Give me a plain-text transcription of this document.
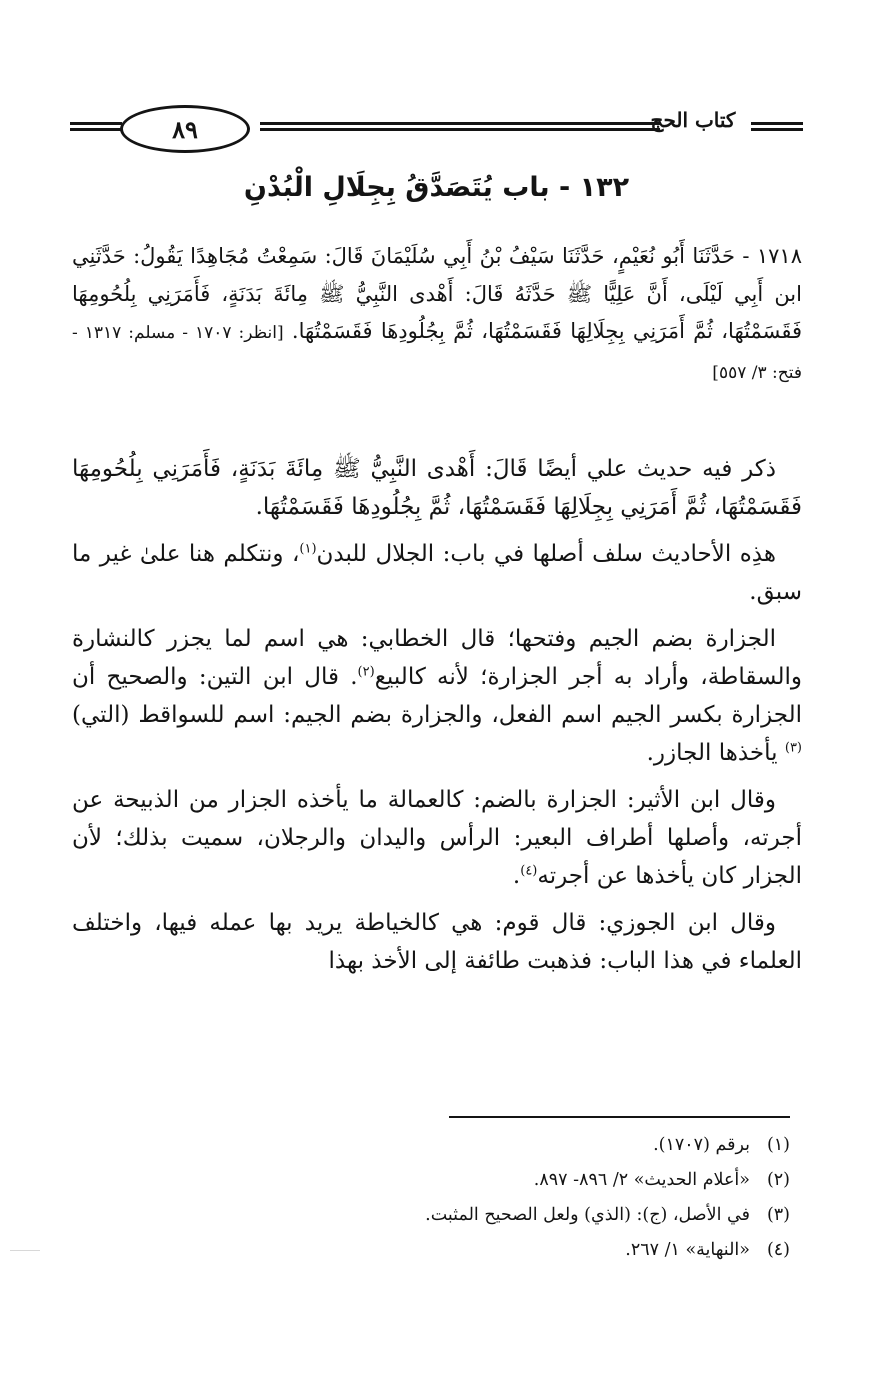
٨٩	كتاب الحج
١٣٢ - باب يُتَصَدَّقُ بِجِلَالِ الْبُدْنِ
١٧١٨ - حَدَّثَنَا أَبُو نُعَيْمٍ، حَدَّثَنَا سَيْفُ بْنُ أَبِي سُلَيْمَانَ قَالَ: سَمِعْتُ مُجَاهِدًا يَقُولُ: حَدَّثَنِي ابن أَبِي لَيْلَى، أَنَّ عَلِيًّا ﷺ حَدَّثَهُ قَالَ: أَهْدى النَّبِيُّ ﷺ مِائَةَ بَدَنَةٍ، فَأَمَرَنِي بِلُحُومِهَا فَقَسَمْتُهَا، ثُمَّ أَمَرَنِي بِجِلَالِهَا فَقَسَمْتُهَا، ثُمَّ بِجُلُودِهَا فَقَسَمْتُهَا. [انظر: ١٧٠٧ - مسلم: ١٣١٧ - فتح: ٣/ ٥٥٧]

ذكر فيه حديث علي أيضًا قَالَ: أَهْدى النَّبِيُّ ﷺ مِائَةَ بَدَنَةٍ، فَأَمَرَنِي بِلُحُومِهَا فَقَسَمْتُهَا، ثُمَّ أَمَرَنِي بِجِلَالِهَا فَقَسَمْتُهَا، ثُمَّ بِجُلُودِهَا فَقَسَمْتُهَا.

هذِه الأحاديث سلف أصلها في باب: الجلال للبدن$^{(١)}$، ونتكلم هنا علىٰ غير ما سبق.

الجزارة بضم الجيم وفتحها؛ قال الخطابي: هي اسم لما يجزر كالنشارة والسقاطة، وأراد به أجر الجزارة؛ لأنه كالبيع$^{(٢)}$. قال ابن التين: والصحيح أن الجزارة بكسر الجيم اسم الفعل، والجزارة بضم الجيم: اسم للسواقط (التي)$^{(٣)}$ يأخذها الجازر.

وقال ابن الأثير: الجزارة بالضم: كالعمالة ما يأخذه الجزار من الذبيحة عن أجرته، وأصلها أطراف البعير: الرأس واليدان والرجلان، سميت بذلك؛ لأن الجزار كان يأخذها عن أجرته$^{(٤)}$.

وقال ابن الجوزي: قال قوم: هي كالخياطة يريد بها عمله فيها، واختلف العلماء في هذا الباب: فذهبت طائفة إلى الأخذ بهذا

(١)برقم (١٧٠٧).
(٢)«أعلام الحديث» ٢/ ٨٩٦- ٨٩٧.
(٣)في الأصل، (ج): (الذي) ولعل الصحيح المثبت.
(٤)«النهاية» ١/ ٢٦٧.
